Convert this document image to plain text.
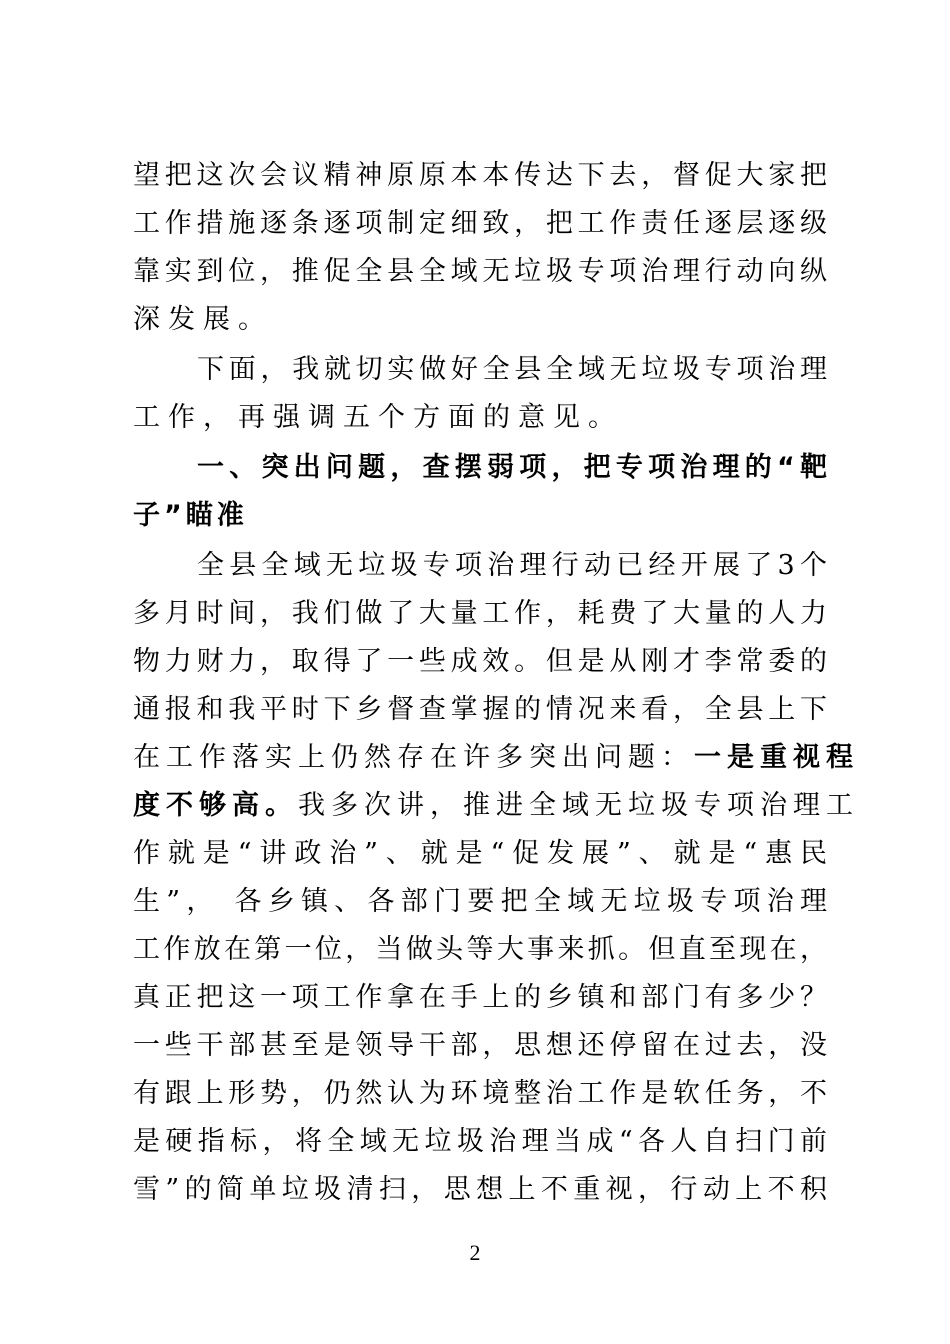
望把这次会议精神原原本本传达下去，督促大家把
工作措施逐条逐项制定细致，把工作责任逐层逐级
靠实到位，推促全县全域无垃圾专项治理行动向纵
深发展。
下面，我就切实做好全县全域无垃圾专项治理
工作，再强调五个方面的意见。
一、突出问题，查摆弱项，把专项治理的“靶
子”瞄准
全县全域无垃圾专项治理行动已经开展了3个
多月时间，我们做了大量工作，耗费了大量的人力
物力财力，取得了一些成效。但是从刚才李常委的
通报和我平时下乡督查掌握的情况来看，全县上下
在工作落实上仍然存在许多突出问题： 一是重视程
度不够高。 我多次讲，推进全域无垃圾专项治理工
作就是“讲政治”、就是“促发展”、就是“惠民
生”， 各乡镇、各部门要把全域无垃圾专项治理
工作放在第一位，当做头等大事来抓。但直至现在，
真正把这一项工作拿在手上的乡镇和部门有多少？
一些干部甚至是领导干部，思想还停留在过去，没
有跟上形势，仍然认为环境整治工作是软任务，不
是硬指标，将全域无垃圾治理当成“各人自扫门前
雪”的简单垃圾清扫，思想上不重视，行动上不积
2
